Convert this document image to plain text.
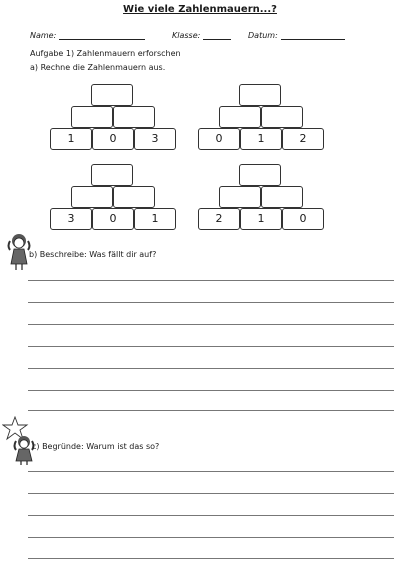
Wie viele Zahlenmauern...?
Name:	Klasse:	Datum:
Aufgabe 1) Zahlenmauern erforschen
a) Rechne die Zahlenmauern aus.
1	0	3	0	1	2
3	0	1	2	1	0
b) Beschreibe: Was fällt dir auf?
c) Begründe: Warum ist das so?
